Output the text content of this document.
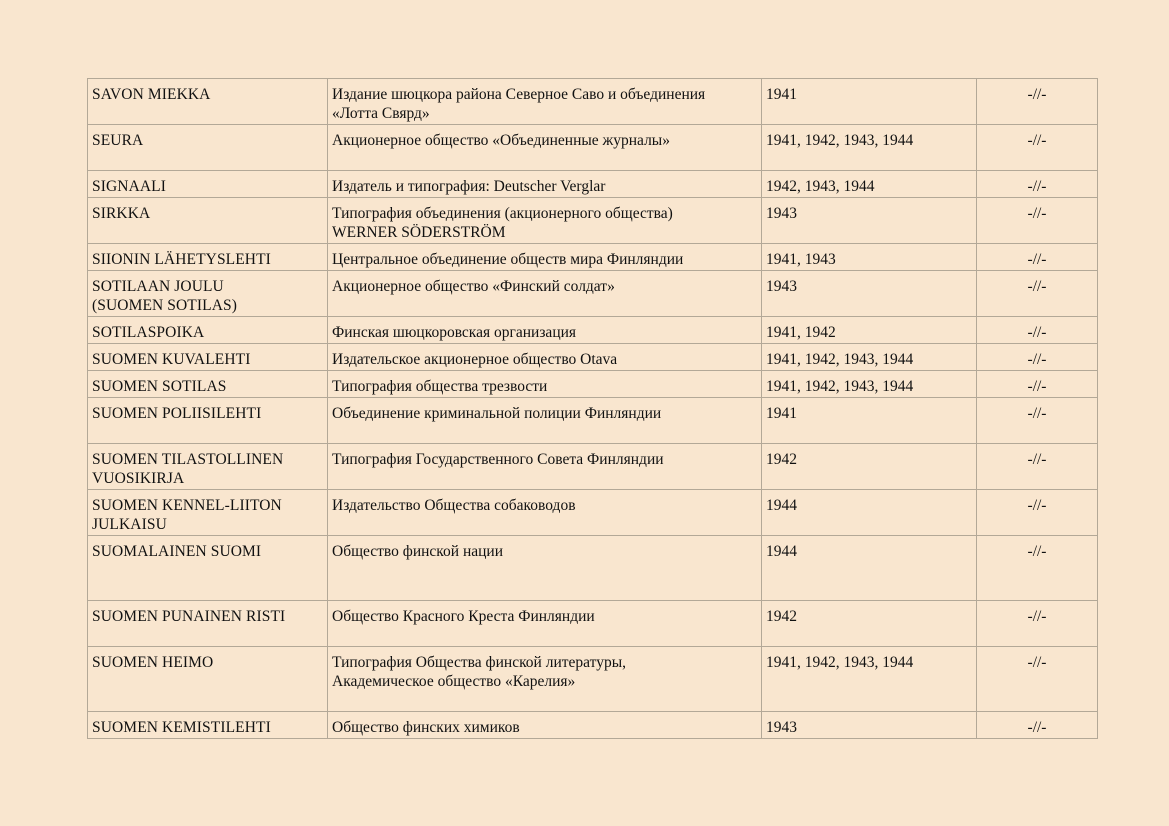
SAVON MIEKKA	Издание шюцкора района Северное Саво и объединения
«Лотта Свярд»	1941	-//-
SEURA	Акционерное общество «Объединенные журналы»	1941, 1942, 1943, 1944	-//-
SIGNAALI	Издатель и типография: Deutscher Verglar	1942, 1943, 1944	-//-
SIRKKA	Типография объединения (акционерного общества)
WERNER SÖDERSTRÖM	1943	-//-
SIIONIN LÄHETYSLEHTI	Центральное объединение обществ мира Финляндии	1941, 1943	-//-
SOTILAAN JOULU
(SUOMEN SOTILAS)	Акционерное общество «Финский солдат»	1943	-//-
SOTILASPOIKA	Финская шюцкоровская организация	1941, 1942	-//-
SUOMEN KUVALEHTI	Издательское акционерное общество Otava	1941, 1942, 1943, 1944	-//-
SUOMEN SOTILAS	Типография общества трезвости	1941, 1942, 1943, 1944	-//-
SUOMEN POLIISILEHTI	Объединение криминальной полиции Финляндии	1941	-//-
SUOMEN TILASTOLLINEN
VUOSIKIRJA	Типография Государственного Совета Финляндии	1942	-//-
SUOMEN KENNEL-LIITON
JULKAISU	Издательство Общества собаководов	1944	-//-
SUOMALAINEN SUOMI	Общество финской нации	1944	-//-
SUOMEN PUNAINEN RISTI	Общество Красного Креста Финляндии	1942	-//-
SUOMEN HEIMO	Типография Общества финской литературы,
Академическое общество «Карелия»	1941, 1942, 1943, 1944	-//-
SUOMEN KEMISTILEHTI	Общество финских химиков	1943	-//-
